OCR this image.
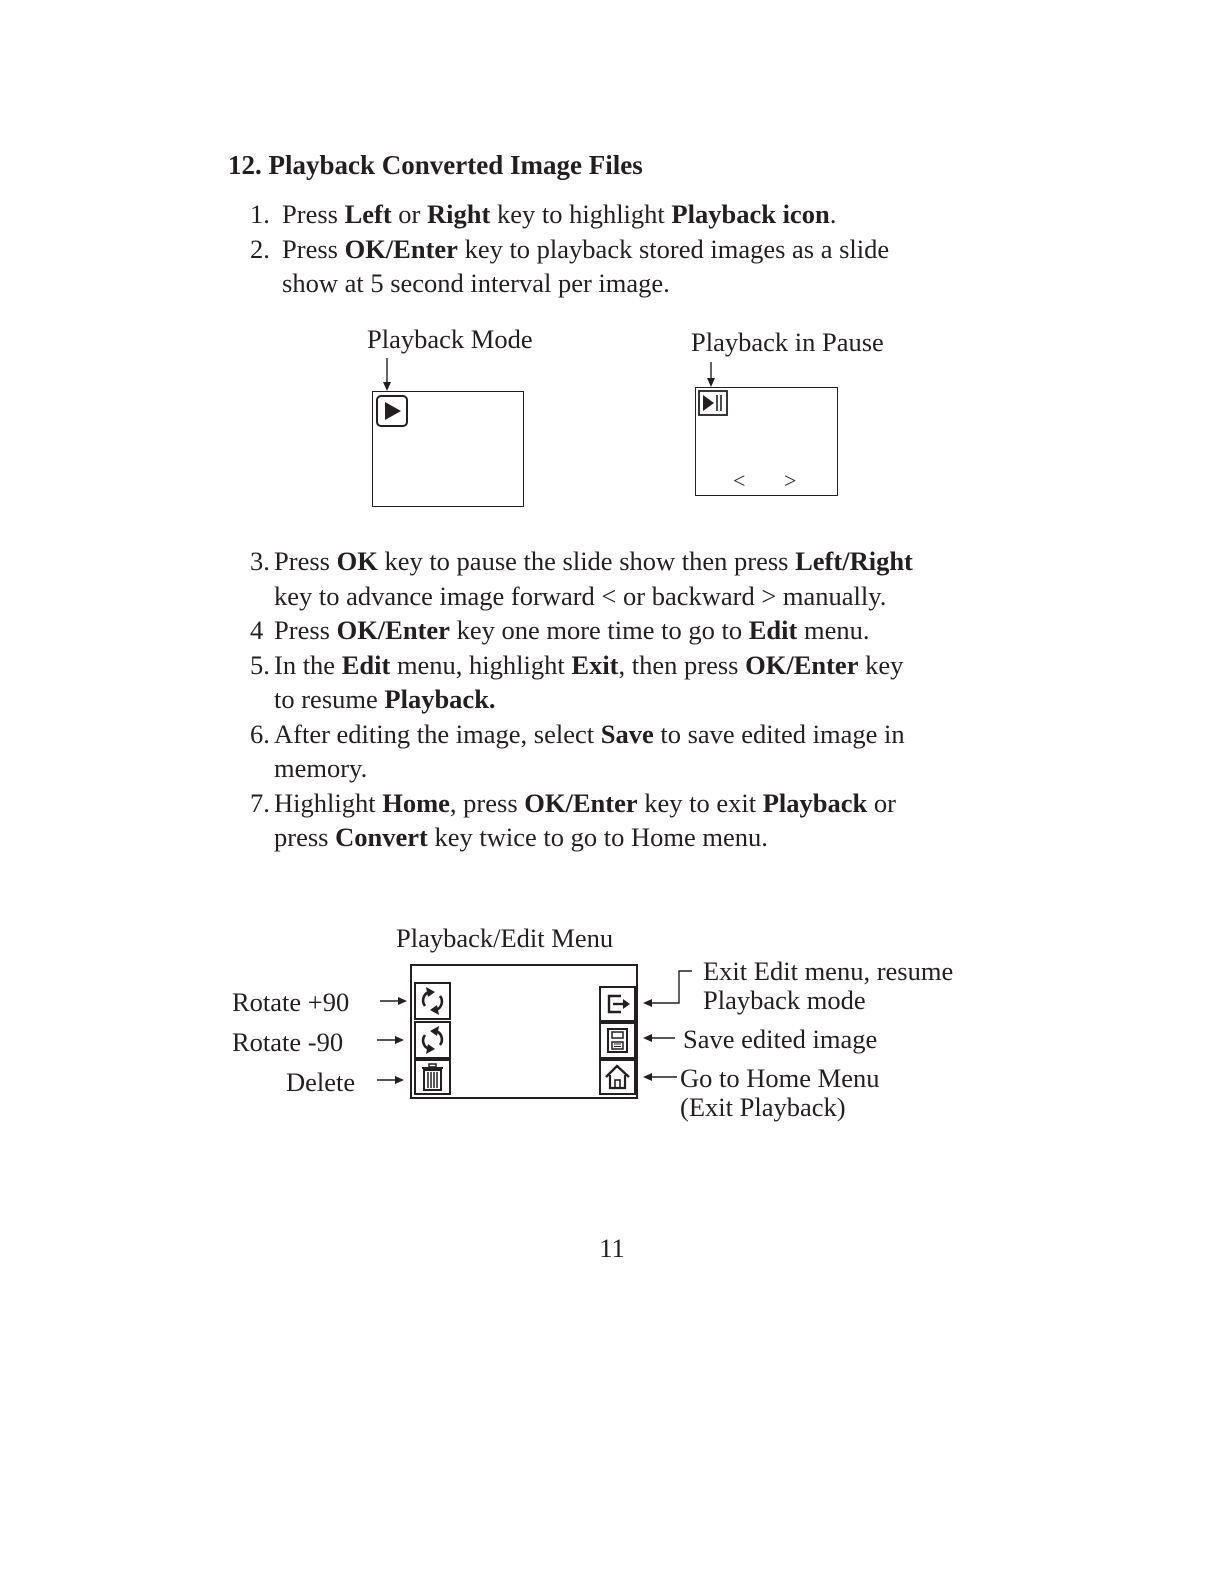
12. Playback Converted Image Files
1. Press Left or Right key to highlight Playback icon.
2. Press OK/Enter key to playback stored images as a slide
show at 5 second interval per image.
Playback Mode	Playback in Pause
< >
3. Press OK key to pause the slide show then press Left/Right
key to advance image forward < or backward > manually.
4 Press OK/Enter key one more time to go to Edit menu.
5. In the Edit menu, highlight Exit, then press OK/Enter key
to resume Playback.
6. After editing the image, select Save to save edited image in
memory.
7. Highlight Home, press OK/Enter key to exit Playback or
press Convert key twice to go to Home menu.
Playback/Edit Menu
Rotate +90
Rotate -90
Delete
Exit Edit menu, resume
Playback mode
Save edited image
Go to Home Menu
(Exit Playback)
11
